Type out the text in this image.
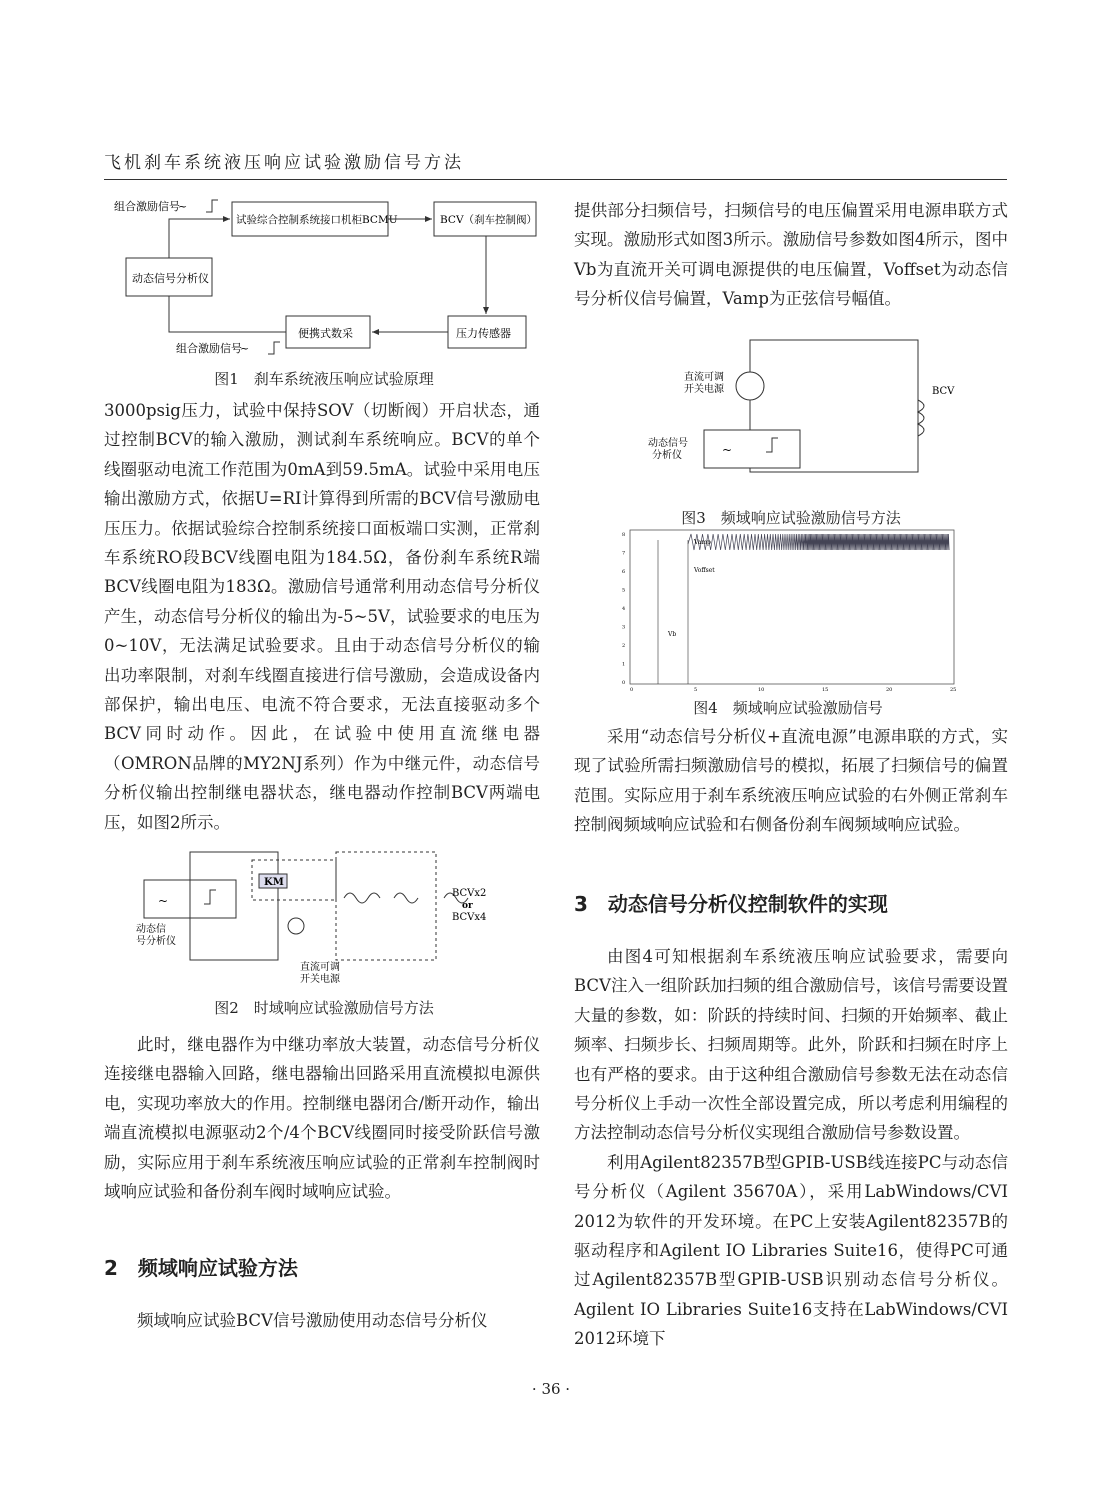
飞机刹车系统液压响应试验激励信号方法
组合激励信号
~
试验综合控制系统接口机柜BCMU	BCV（刹车控制阀）
动态信号分析仪
压力传感器
便携式数采
组合激励信号
~
图1　刹车系统液压响应试验原理

3000psig压力，试验中保持SOV（切断阀）开启状态，通过控制BCV的输入激励，测试刹车系统响应。BCV的单个线圈驱动电流工作范围为0mA到59.5mA。试验中采用电压输出激励方式，依据U=RI计算得到所需的BCV信号激励电压压力。依据试验综合控制系统接口面板端口实测，正常刹车系统RO段BCV线圈电阻为184.5Ω，备份刹车系统R端BCV线圈电阻为183Ω。激励信号通常利用动态信号分析仪产生，动态信号分析仪的输出为-5~5V，试验要求的电压为0~10V，无法满足试验要求。且由于动态信号分析仪的输出功率限制，对刹车线圈直接进行信号激励，会造成设备内部保护，输出电压、电流不符合要求，无法直接驱动多个BCV同时动作。因此，在试验中使用直流继电器（OMRON品牌的MY2NJ系列）作为中继元件，动态信号分析仪输出控制继电器状态，继电器动作控制BCV两端电压，如图2所示。

~
动态信
号分析仪
KM
BCVx2
or
BCVx4
直流可调
开关电源
图2　时域响应试验激励信号方法

此时，继电器作为中继功率放大装置，动态信号分析仪连接继电器输入回路，继电器输出回路采用直流模拟电源供电，实现功率放大的作用。控制继电器闭合/断开动作，输出端直流模拟电源驱动2个/4个BCV线圈同时接受阶跃信号激励，实际应用于刹车系统液压响应试验的正常刹车控制阀时域响应试验和备份刹车阀时域响应试验。

2　频域响应试验方法

频域响应试验BCV信号激励使用动态信号分析仪

提供部分扫频信号，扫频信号的电压偏置采用电源串联方式实现。激励形式如图3所示。激励信号参数如图4所示，图中Vb为直流开关可调电源提供的电压偏置，Voffset为动态信号分析仪信号偏置，Vamp为正弦信号幅值。

直流可调
开关电源	BCV
~
动态信号
分析仪
图3　频域响应试验激励信号方法
Vamp
Voffset
Vb
8
7
6
5
4
3
2
1
0
0	5	10	15	20	25
图4　频域响应试验激励信号

采用“动态信号分析仪+直流电源”电源串联的方式，实现了试验所需扫频激励信号的模拟，拓展了扫频信号的偏置范围。实际应用于刹车系统液压响应试验的右外侧正常刹车控制阀频域响应试验和右侧备份刹车阀频域响应试验。

3　动态信号分析仪控制软件的实现

由图4可知根据刹车系统液压响应试验要求，需要向BCV注入一组阶跃加扫频的组合激励信号，该信号需要设置大量的参数，如：阶跃的持续时间、扫频的开始频率、截止频率、扫频步长、扫频周期等。此外，阶跃和扫频在时序上也有严格的要求。由于这种组合激励信号参数无法在动态信号分析仪上手动一次性全部设置完成，所以考虑利用编程的方法控制动态信号分析仪实现组合激励信号参数设置。

利用Agilent82357B型GPIB-USB线连接PC与动态信号分析仪（Agilent 35670A），采用LabWindows/CVI 2012为软件的开发环境。在PC上安装Agilent82357B的驱动程序和Agilent IO Libraries Suite16，使得PC可通过Agilent82357B型GPIB-USB识别动态信号分析仪。Agilent IO Libraries Suite16支持在LabWindows/CVI 2012环境下

· 36 ·
